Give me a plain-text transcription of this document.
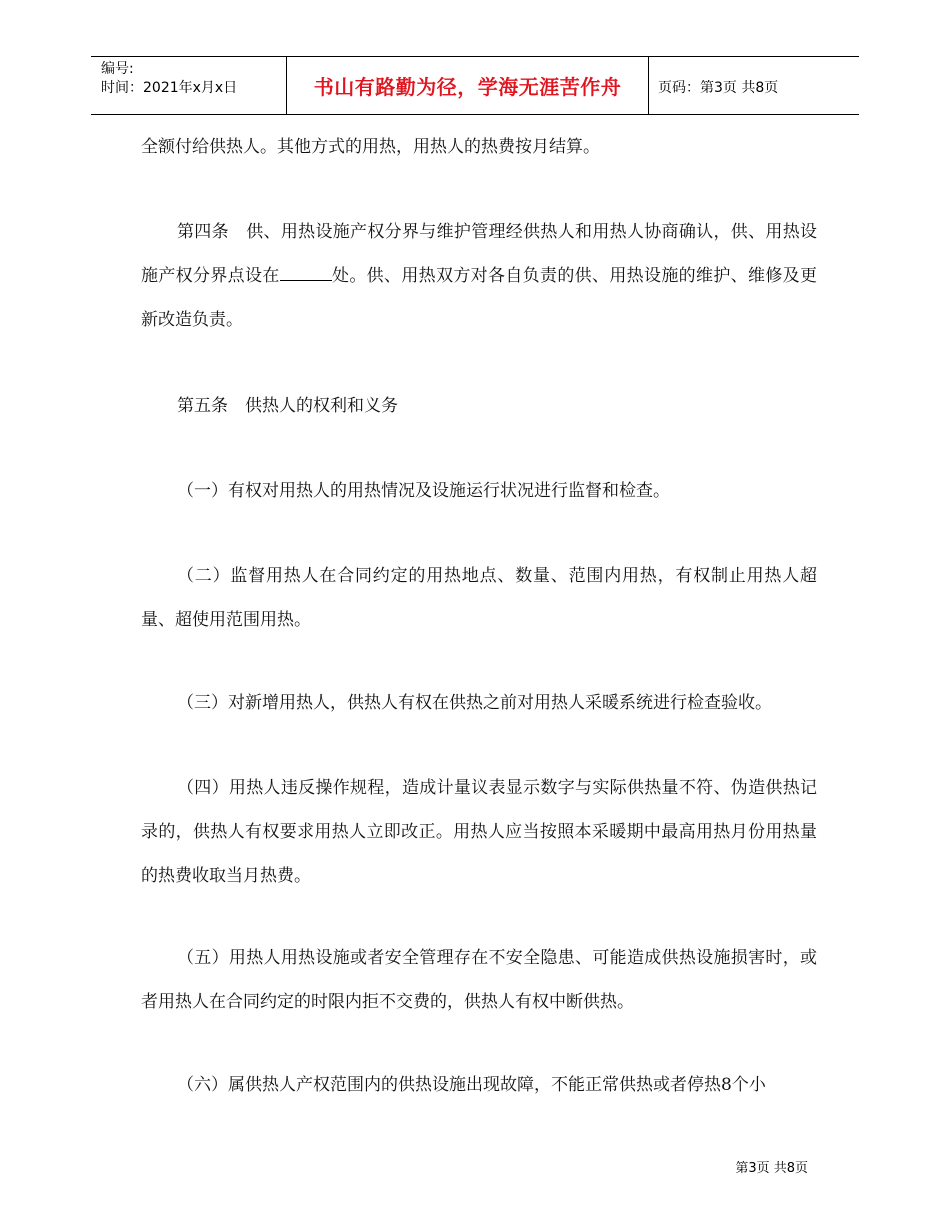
编号:
时间：2021年x月x日	书山有路勤为径，学海无涯苦作舟	页码：第3页 共8页

全额付给供热人。其他方式的用热，用热人的热费按月结算。

第四条　供、用热设施产权分界与维护管理经供热人和用热人协商确认，供、用热设施产权分界点设在	处。供、用热双方对各自负责的供、用热设施的维护、维修及更新改造负责。

第五条　供热人的权利和义务

（一）有权对用热人的用热情况及设施运行状况进行监督和检查。

（二）监督用热人在合同约定的用热地点、数量、范围内用热，有权制止用热人超量、超使用范围用热。

（三）对新增用热人，供热人有权在供热之前对用热人采暖系统进行检查验收。

（四）用热人违反操作规程，造成计量议表显示数字与实际供热量不符、伪造供热记录的，供热人有权要求用热人立即改正。用热人应当按照本采暖期中最高用热月份用热量的热费收取当月热费。

（五）用热人用热设施或者安全管理存在不安全隐患、可能造成供热设施损害时，或者用热人在合同约定的时限内拒不交费的，供热人有权中断供热。

（六）属供热人产权范围内的供热设施出现故障，不能正常供热或者停热8个小

第3页 共8页
